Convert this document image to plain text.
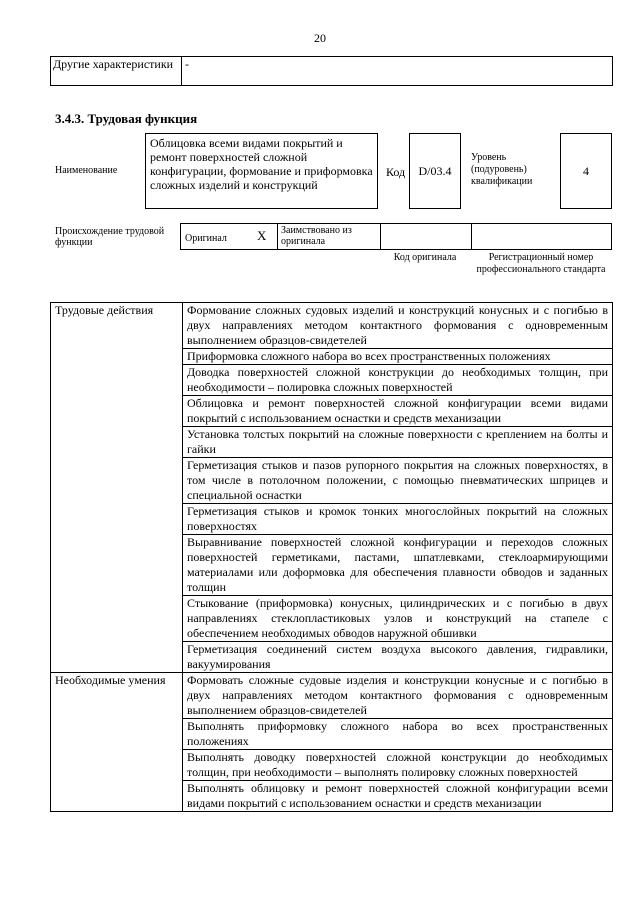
20
Другие характеристики -
3.4.3. Трудовая функция
Наименование
Облицовка всеми видами покрытий и ремонт поверхностей сложной конфигурации, формование и приформовка сложных изделий и конструкций
Код	D/03.4
Уровень (подуровень) квалификации
4
Происхождение трудовой функции	Оригинал X Заимствовано из оригинала
Код оригинала	Регистрационный номер профессионального стандарта
Трудовые действия	Формование сложных судовых изделий и конструкций конусных и с погибью в двух направлениях методом контактного формования с одновременным выполнением образцов-свидетелей
	Приформовка сложного набора во всех пространственных положениях
	Доводка поверхностей сложной конструкции до необходимых толщин, при необходимости – полировка сложных поверхностей
	Облицовка и ремонт поверхностей сложной конфигурации всеми видами покрытий с использованием оснастки и средств механизации
	Установка толстых покрытий на сложные поверхности с креплением на болты и гайки
	Герметизация стыков и пазов рупорного покрытия на сложных поверхностях, в том числе в потолочном положении, с помощью пневматических шприцев и специальной оснастки
	Герметизация стыков и кромок тонких многослойных покрытий на сложных поверхностях
	Выравнивание поверхностей сложной конфигурации и переходов сложных поверхностей герметиками, пастами, шпатлевками, стеклоармирующими материалами или доформовка для обеспечения плавности обводов и заданных толщин
	Стыкование (приформовка) конусных, цилиндрических и с погибью в двух направлениях стеклопластиковых узлов и конструкций на стапеле с обеспечением необходимых обводов наружной обшивки
	Герметизация соединений систем воздуха высокого давления, гидравлики, вакуумирования
Необходимые умения	Формовать сложные судовые изделия и конструкции конусные и с погибью в двух направлениях методом контактного формования с одновременным выполнением образцов-свидетелей
	Выполнять приформовку сложного набора во всех пространственных положениях
	Выполнять доводку поверхностей сложной конструкции до необходимых толщин, при необходимости – выполнять полировку сложных поверхностей
	Выполнять облицовку и ремонт поверхностей сложной конфигурации всеми видами покрытий с использованием оснастки и средств механизации
